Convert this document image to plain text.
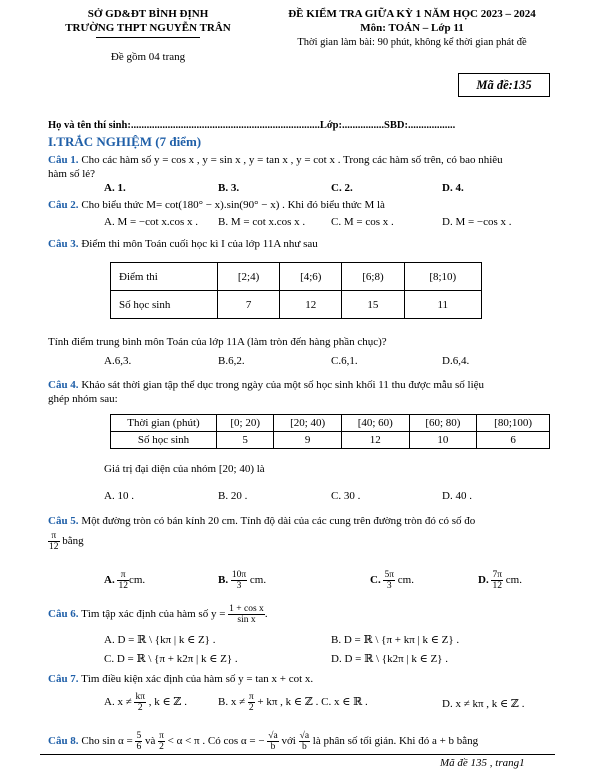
SỞ GD&ĐT BÌNH ĐỊNH
TRƯỜNG THPT NGUYỄN TRÂN
Đề gồm 04 trang
ĐỀ KIỂM TRA GIỮA KỲ 1 NĂM HỌC 2023 – 2024
Môn: TOÁN – Lớp 11
Thời gian làm bài: 90 phút, không kể thời gian phát đề
Mã đề:135
Họ và tên thí sinh:........................................................................Lớp:................SBD:..................
I.TRẮC NGHIỆM (7 điểm)
Câu 1. Cho các hàm số y = cos x , y = sin x , y = tan x , y = cot x . Trong các hàm số trên, có bao nhiêu
hàm số lẻ?
A. 1.	B. 3.	C. 2.	D. 4.
Câu 2. Cho biểu thức M= cot(180° − x).sin(90° − x) . Khi đó biểu thức M là
A. M = −cot x.cos x . B. M = cot x.cos x . C. M = cos x .	D. M = −cos x .
Câu 3. Điểm thi môn Toán cuối học kì I của lớp 11A như sau
Điểm thi	[2;4)	[4;6)	[6;8)	[8;10)
Số học sinh	7	12	15	11
Tính điểm trung bình môn Toán của lớp 11A (làm tròn đến hàng phần chục)?
A.6,3.	B.6,2.	C.6,1.	D.6,4.
Câu 4. Khảo sát thời gian tập thể dục trong ngày của một số học sinh khối 11 thu được mẫu số liệu
ghép nhóm sau:
Thời gian (phút)	[0; 20)	[20; 40)	[40; 60)	[60; 80)	[80;100)
Số học sinh	5	9	12	10	6
Giá trị đại diện của nhóm [20; 40) là
A. 10 .	B. 20 .	C. 30 .	D. 40 .
Câu 5. Một đường tròn có bán kính 20 cm. Tính độ dài của các cung trên đường tròn đó có số đo
$\frac{\pi}{12}$ bằng
A. $\frac{\pi}{12}$ cm.	B. $\frac{10\pi}{3}$ cm.	C. $\frac{5\pi}{3}$ cm.	D. $\frac{7\pi}{12}$ cm.
Câu 6. Tìm tập xác định của hàm số $y = \frac{\text{1 + cos x}}{\text{sin x}}$ .
A. D = ℝ \ {kπ | k ∈ Z} .	B. D = ℝ \ {π + kπ | k ∈ Z} .
C. D = ℝ \ {π + k2π | k ∈ Z} .	D. D = ℝ \ {k2π | k ∈ Z} .
Câu 7. Tìm điều kiện xác định của hàm số y = tan x + cot x.
A. $x \ne \frac{k\pi}{2}$ , k ∈ ℤ .	B. $x \ne \frac{\pi}{2} + k\pi$ , k ∈ ℤ . C. x ∈ ℝ .	D. x ≠ kπ , k ∈ ℤ .
Câu 8. Cho $\sin \alpha = \frac{5}{6}$ và $\frac{\pi}{2} < \alpha < \pi$ . Có cos α = − $\frac{√a}{b}$ với $\frac{√a}{b}$ là phân số tối giản. Khi đó a + b bằng
Mã đề 135 , trang1
